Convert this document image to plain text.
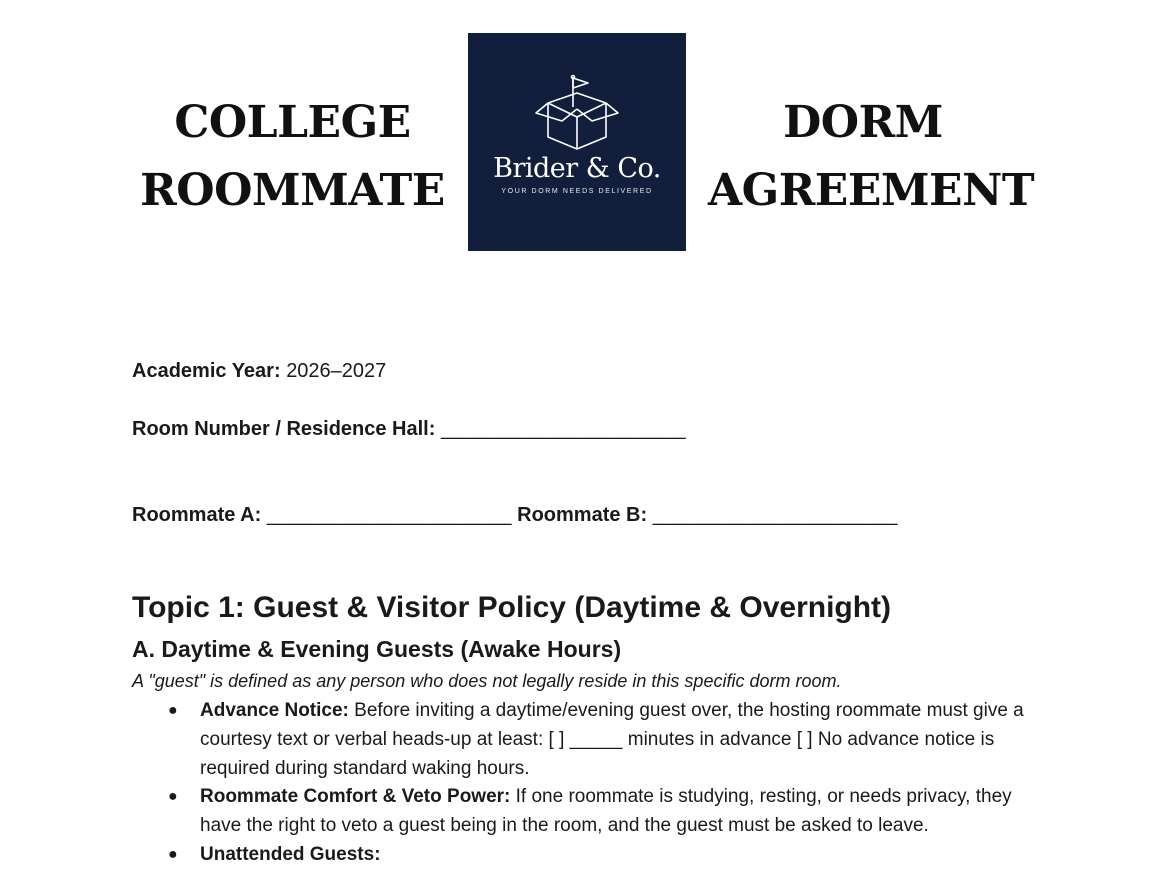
COLLEGE
ROOMMATE	Brider & Co.
YOUR DORM NEEDS DELIVERED
DORM
AGREEMENT
Academic Year: 2026–2027
Room Number / Residence Hall: ______________________
Roommate A: ______________________ Roommate B: ______________________
Topic 1: Guest & Visitor Policy (Daytime & Overnight)
A. Daytime & Evening Guests (Awake Hours)
A "guest" is defined as any person who does not legally reside in this specific dorm room.
● Advance Notice: Before inviting a daytime/evening guest over, the hosting roommate must give a courtesy text or verbal heads-up at least: [ ] _____ minutes in advance [ ] No advance notice is required during standard waking hours.
● Roommate Comfort & Veto Power: If one roommate is studying, resting, or needs privacy, they have the right to veto a guest being in the room, and the guest must be asked to leave.
● Unattended Guests:
